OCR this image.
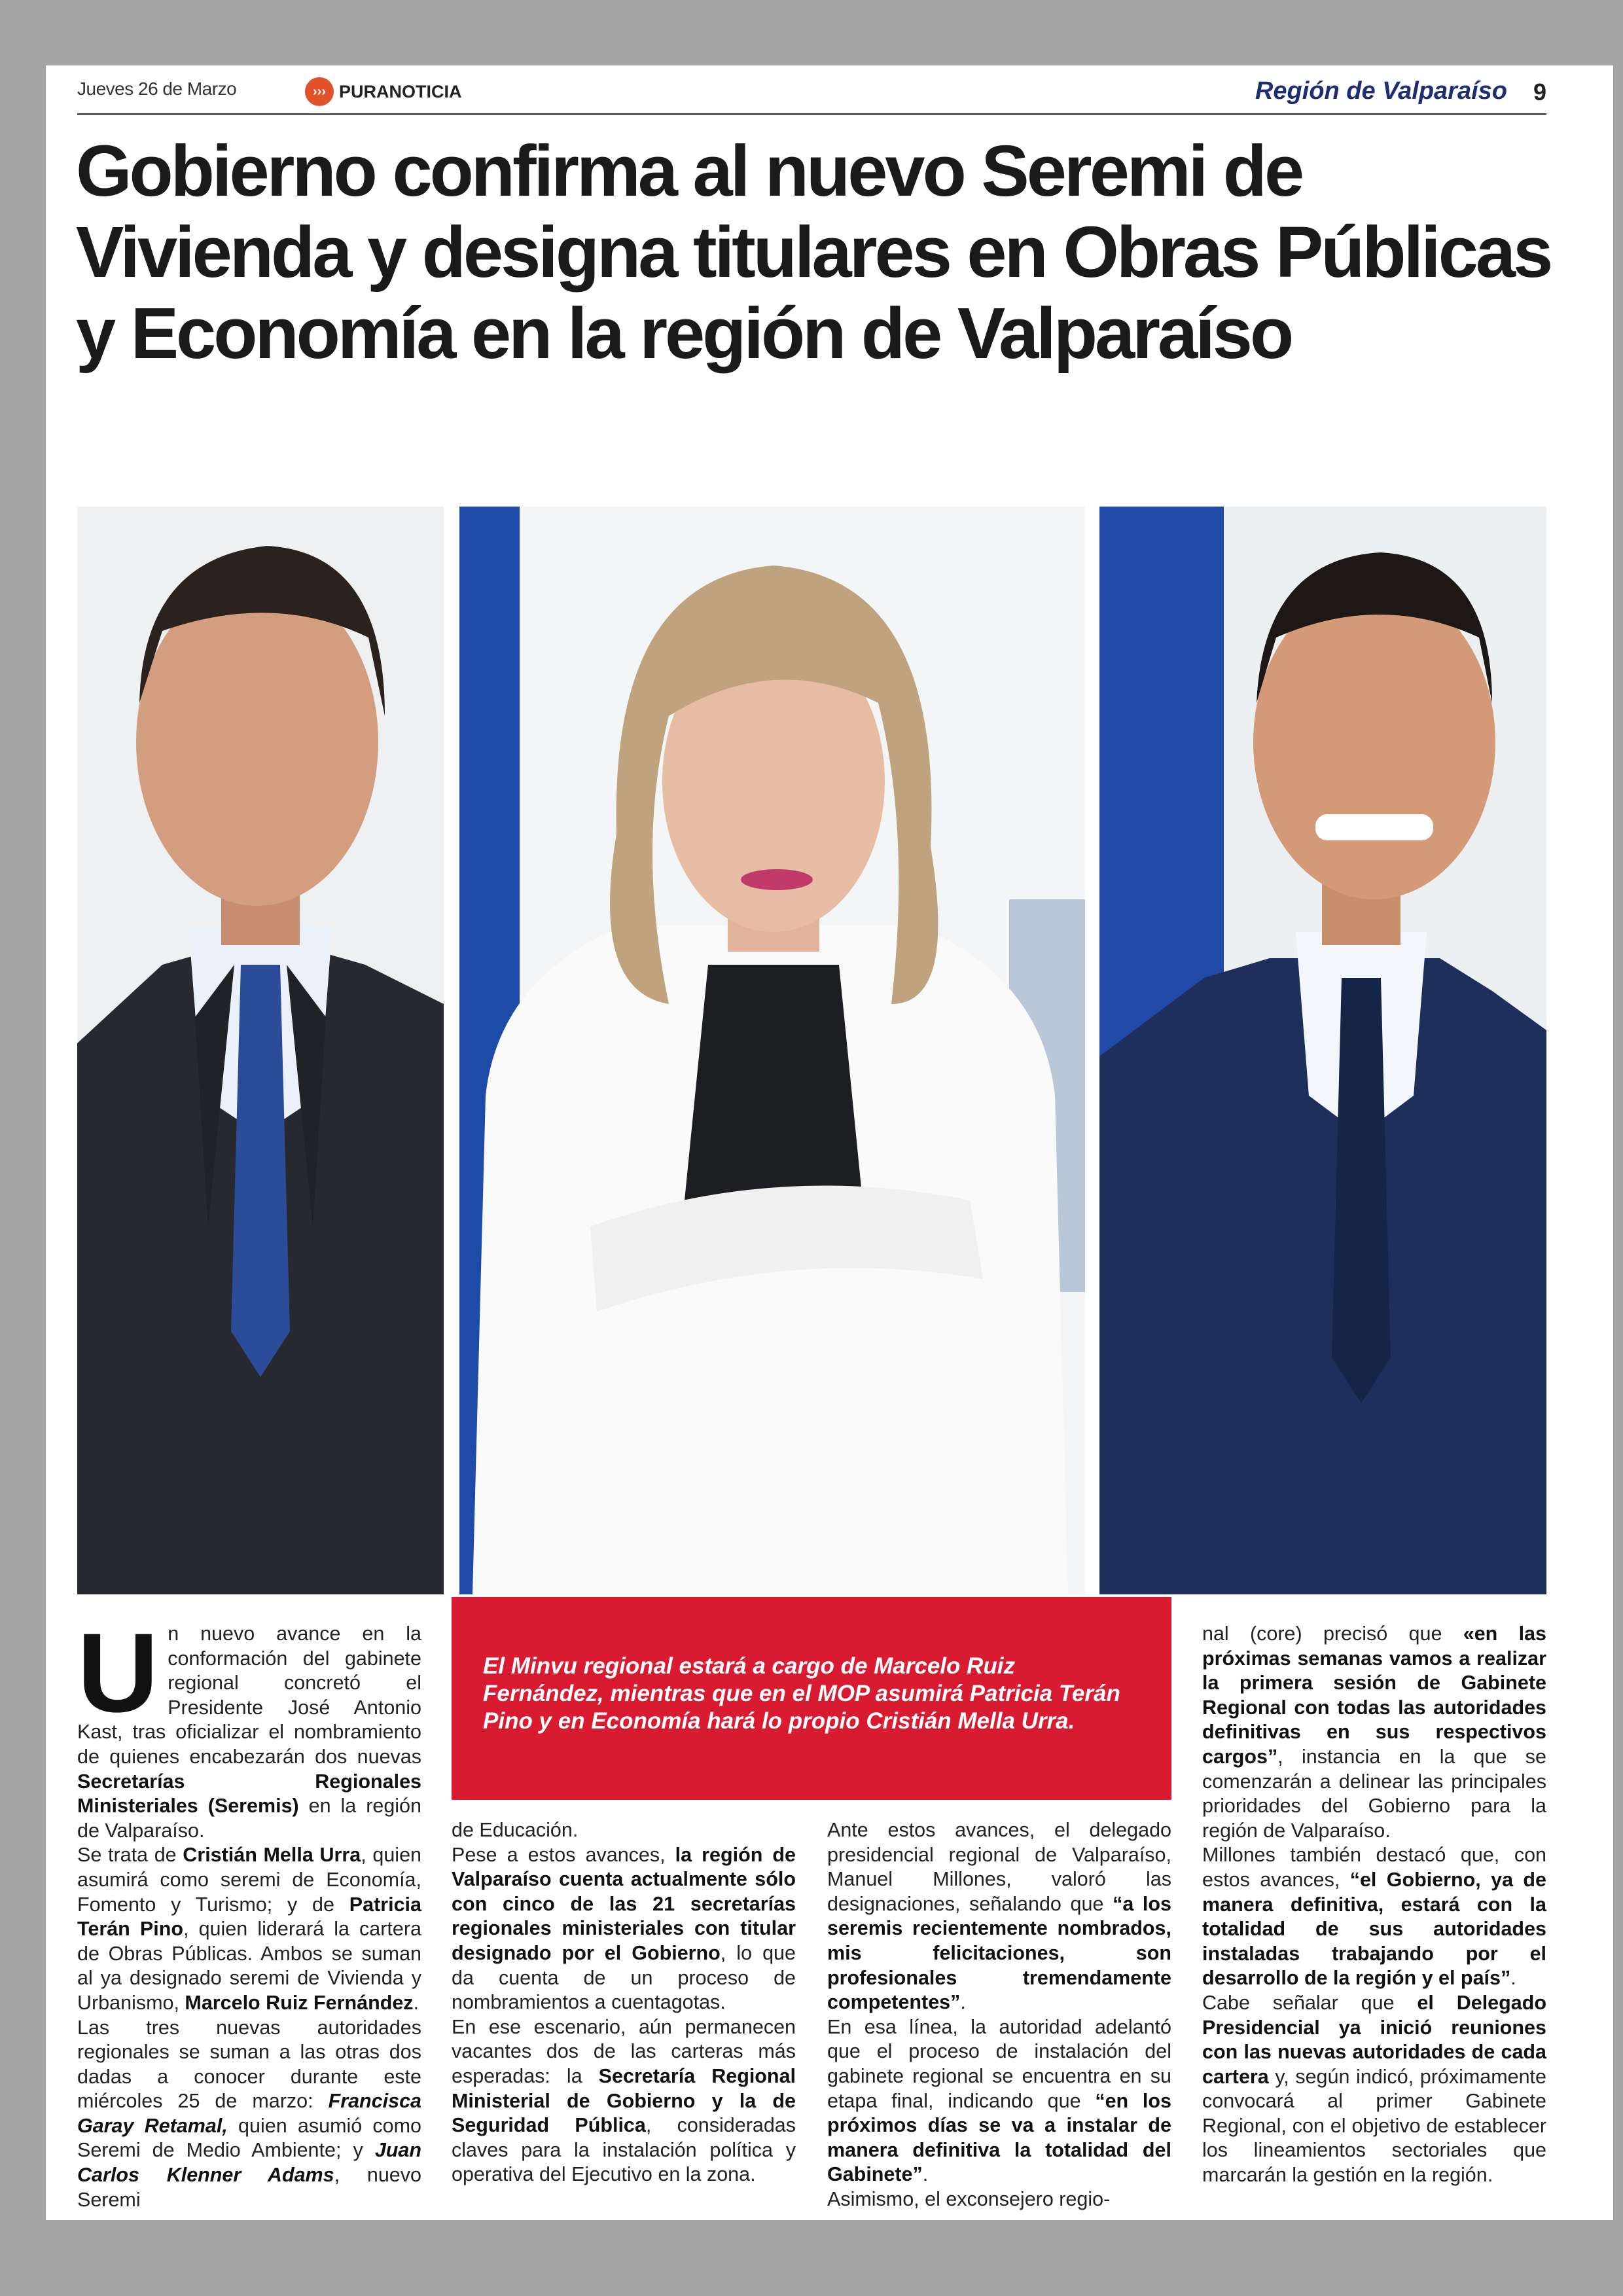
Jueves 26 de Marzo	››› PURANOTICIA	Región de Valparaíso 9
Gobierno confirma al nuevo Seremi de Vivienda y designa titulares en Obras Públicas y Economía en la región de Valparaíso

El Minvu regional estará a cargo de Marcelo Ruiz Fernández, mientras que en el MOP asumirá Patricia Terán Pino y en Economía hará lo propio Cristián Mella Urra.

U n nuevo avance en la conformación del gabinete regional concretó el Presidente José Antonio Kast, tras oficializar el nombramiento de quienes encabezarán dos nuevas Secretarías Regionales Ministeriales (Seremis) en la región de Valparaíso.

Se trata de Cristián Mella Urra, quien asumirá como seremi de Economía, Fomento y Turismo; y de Patricia Terán Pino, quien liderará la cartera de Obras Públicas. Ambos se suman al ya designado seremi de Vivienda y Urbanismo, Marcelo Ruiz Fernández.

Las tres nuevas autoridades regionales se suman a las otras dos dadas a conocer durante este miércoles 25 de marzo: Francisca Garay Retamal, quien asumió como Seremi de Medio Ambiente; y Juan Carlos Klenner Adams, nuevo Seremi

de Educación.

Pese a estos avances, la región de Valparaíso cuenta actualmente sólo con cinco de las 21 secretarías regionales ministeriales con titular designado por el Gobierno, lo que da cuenta de un proceso de nombramientos a cuentagotas.

En ese escenario, aún permanecen vacantes dos de las carteras más esperadas: la Secretaría Regional Ministerial de Gobierno y la de Seguridad Pública, consideradas claves para la instalación política y operativa del Ejecutivo en la zona.

Ante estos avances, el delegado presidencial regional de Valparaíso, Manuel Millones, valoró las designaciones, señalando que “a los seremis recientemente nombrados, mis felicitaciones, son profesionales tremendamente competentes”.

En esa línea, la autoridad adelantó que el proceso de instalación del gabinete regional se encuentra en su etapa final, indicando que “en los próximos días se va a instalar de manera definitiva la totalidad del Gabinete”.

Asimismo, el exconsejero regio-

nal (core) precisó que «en las próximas semanas vamos a realizar la primera sesión de Gabinete Regional con todas las autoridades definitivas en sus respectivos cargos”, instancia en la que se comenzarán a delinear las principales prioridades del Gobierno para la región de Valparaíso.

Millones también destacó que, con estos avances, “el Gobierno, ya de manera definitiva, estará con la totalidad de sus autoridades instaladas trabajando por el desarrollo de la región y el país”.

Cabe señalar que el Delegado Presidencial ya inició reuniones con las nuevas autoridades de cada cartera y, según indicó, próximamente convocará al primer Gabinete Regional, con el objetivo de establecer los lineamientos sectoriales que marcarán la gestión en la región.
